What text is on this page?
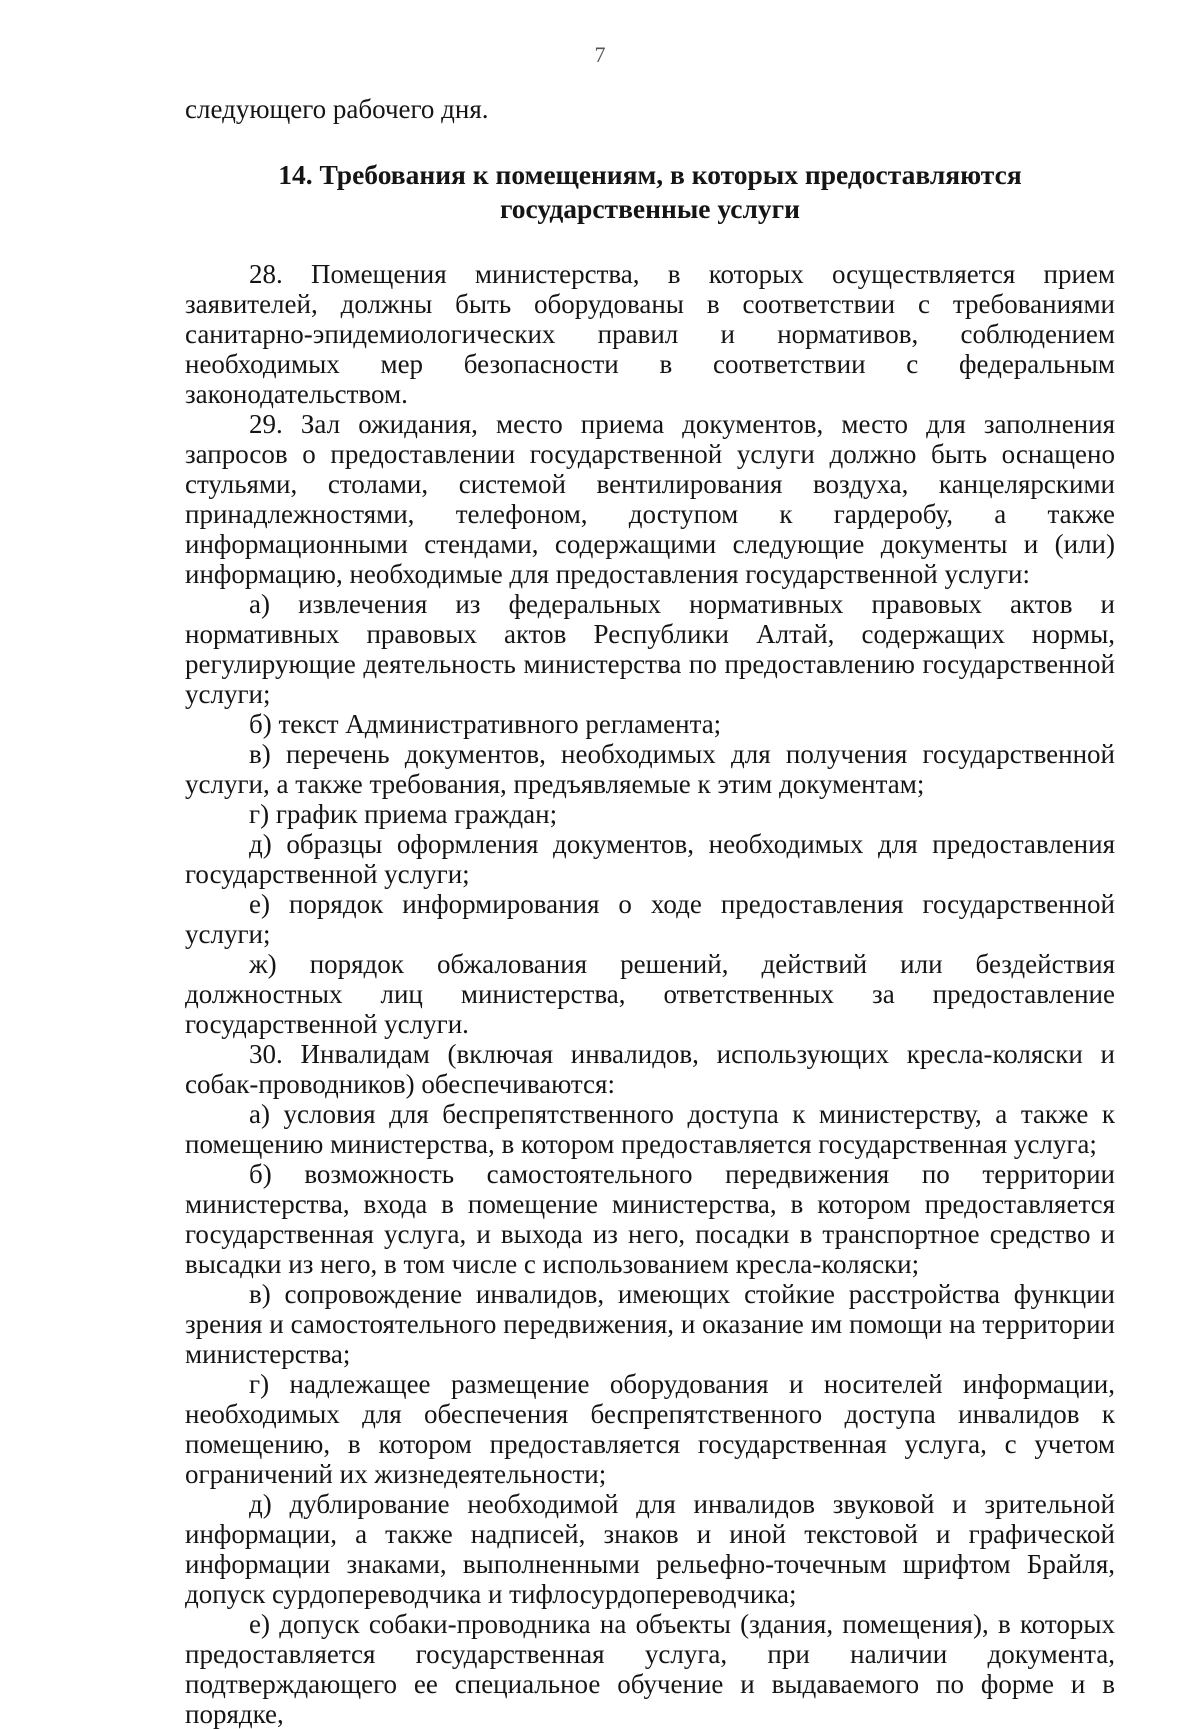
7

следующего рабочего дня.

14. Требования к помещениям, в которых предоставляются
государственные услуги

28. Помещения министерства, в которых осуществляется прием заявителей, должны быть оборудованы в соответствии с требованиями санитарно-эпидемиологических правил и нормативов, соблюдением необходимых мер безопасности в соответствии с федеральным законодательством.

29. Зал ожидания, место приема документов, место для заполнения запросов о предоставлении государственной услуги должно быть оснащено стульями, столами, системой вентилирования воздуха, канцелярскими принадлежностями, телефоном, доступом к гардеробу, а также информационными стендами, содержащими следующие документы и (или) информацию, необходимые для предоставления государственной услуги:

а) извлечения из федеральных нормативных правовых актов и нормативных правовых актов Республики Алтай, содержащих нормы, регулирующие деятельность министерства по предоставлению государственной услуги;

б) текст Административного регламента;

в) перечень документов, необходимых для получения государственной услуги, а также требования, предъявляемые к этим документам;

г) график приема граждан;

д) образцы оформления документов, необходимых для предоставления государственной услуги;

е) порядок информирования о ходе предоставления государственной услуги;

ж) порядок обжалования решений, действий или бездействия должностных лиц министерства, ответственных за предоставление государственной услуги.

30. Инвалидам (включая инвалидов, использующих кресла-коляски и собак-проводников) обеспечиваются:

а) условия для беспрепятственного доступа к министерству, а также к помещению министерства, в котором предоставляется государственная услуга;

б) возможность самостоятельного передвижения по территории министерства, входа в помещение министерства, в котором предоставляется государственная услуга, и выхода из него, посадки в транспортное средство и высадки из него, в том числе с использованием кресла-коляски;

в) сопровождение инвалидов, имеющих стойкие расстройства функции зрения и самостоятельного передвижения, и оказание им помощи на территории министерства;

г) надлежащее размещение оборудования и носителей информации, необходимых для обеспечения беспрепятственного доступа инвалидов к помещению, в котором предоставляется государственная услуга, с учетом ограничений их жизнедеятельности;

д) дублирование необходимой для инвалидов звуковой и зрительной информации, а также надписей, знаков и иной текстовой и графической информации знаками, выполненными рельефно-точечным шрифтом Брайля, допуск сурдопереводчика и тифлосурдопереводчика;

е) допуск собаки-проводника на объекты (здания, помещения), в которых предоставляется государственная услуга, при наличии документа, подтверждающего ее специальное обучение и выдаваемого по форме и в порядке,
